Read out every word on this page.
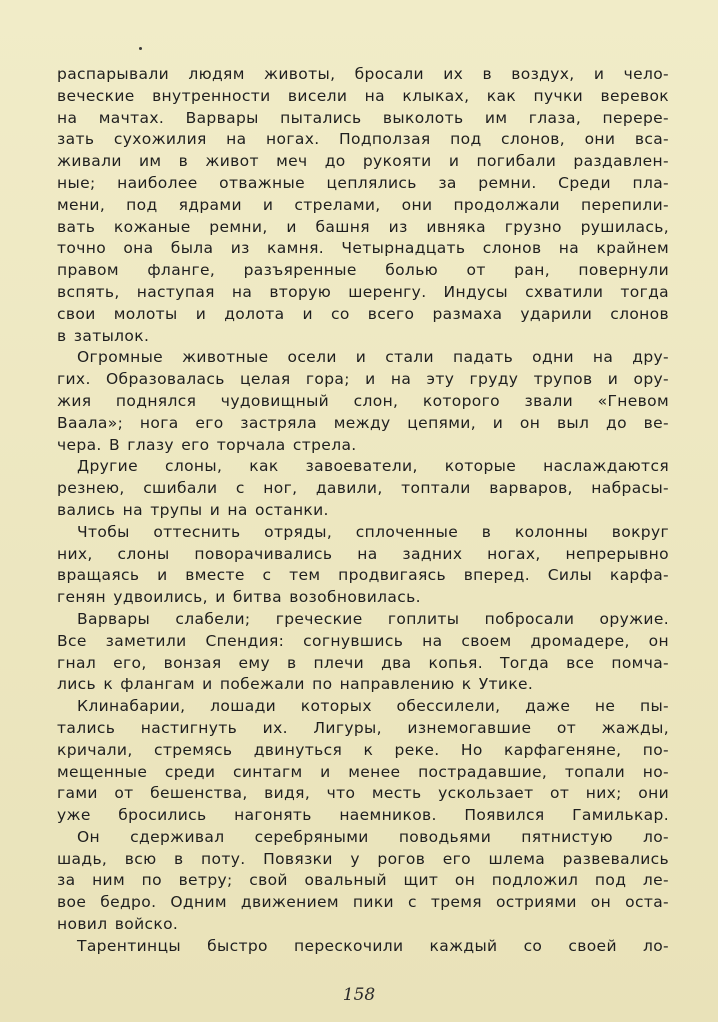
распарывали людям животы, бросали их в воздух, и чело-
веческие внутренности висели на клыках, как пучки веревок
на мачтах. Варвары пытались выколоть им глаза, перере-
зать сухожилия на ногах. Подползая под слонов, они вса-
живали им в живот меч до рукояти и погибали раздавлен-
ные; наиболее отважные цеплялись за ремни. Среди пла-
мени, под ядрами и стрелами, они продолжали перепили-
вать кожаные ремни, и башня из ивняка грузно рушилась,
точно она была из камня. Четырнадцать слонов на крайнем
правом фланге, разъяренные болью от ран, повернули
вспять, наступая на вторую шеренгу. Индусы схватили тогда
свои молоты и долота и со всего размаха ударили слонов
в затылок.
Огромные животные осели и стали падать одни на дру-
гих. Образовалась целая гора; и на эту груду трупов и ору-
жия поднялся чудовищный слон, которого звали «Гневом
Ваала»; нога его застряла между цепями, и он выл до ве-
чера. В глазу его торчала стрела.
Другие слоны, как завоеватели, которые наслаждаются
резнею, сшибали с ног, давили, топтали варваров, набрасы-
вались на трупы и на останки.
Чтобы оттеснить отряды, сплоченные в колонны вокруг
них, слоны поворачивались на задних ногах, непрерывно
вращаясь и вместе с тем продвигаясь вперед. Силы карфа-
генян удвоились, и битва возобновилась.
Варвары слабели; греческие гоплиты побросали оружие.
Все заметили Спендия: согнувшись на своем дромадере, он
гнал его, вонзая ему в плечи два копья. Тогда все помча-
лись к флангам и побежали по направлению к Утике.
Клинабарии, лошади которых обессилели, даже не пы-
тались настигнуть их. Лигуры, изнемогавшие от жажды,
кричали, стремясь двинуться к реке. Но карфагеняне, по-
мещенные среди синтагм и менее пострадавшие, топали но-
гами от бешенства, видя, что месть ускользает от них; они
уже бросились нагонять наемников. Появился Гамилькар.
Он сдерживал серебряными поводьями пятнистую ло-
шадь, всю в поту. Повязки у рогов его шлема развевались
за ним по ветру; свой овальный щит он подложил под ле-
вое бедро. Одним движением пики с тремя остриями он оста-
новил войско.
Тарентинцы быстро перескочили каждый со своей ло-
158
